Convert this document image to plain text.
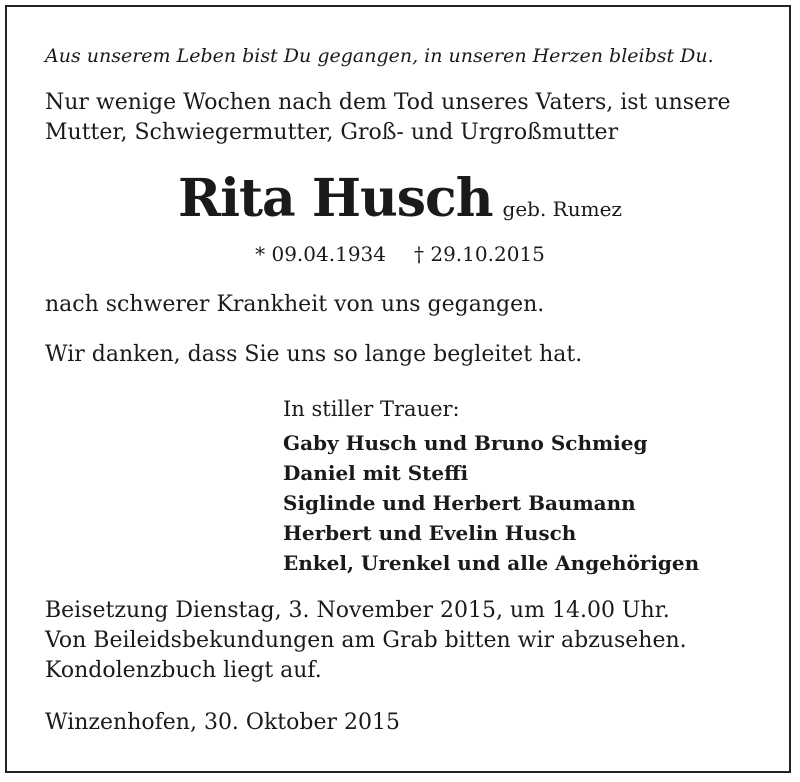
Aus unserem Leben bist Du gegangen, in unseren Herzen bleibst Du.
Nur wenige Wochen nach dem Tod unseres Vaters, ist unsere
Mutter, Schwiegermutter, Groß- und Urgroßmutter
Rita Husch geb. Rumez
* 09.04.1934 † 29.10.2015
nach schwerer Krankheit von uns gegangen.
Wir danken, dass Sie uns so lange begleitet hat.
In stiller Trauer:
Gaby Husch und Bruno Schmieg
Daniel mit Steffi
Siglinde und Herbert Baumann
Herbert und Evelin Husch
Enkel, Urenkel und alle Angehörigen
Beisetzung Dienstag, 3. November 2015, um 14.00 Uhr.
Von Beileidsbekundungen am Grab bitten wir abzusehen.
Kondolenzbuch liegt auf.
Winzenhofen, 30. Oktober 2015
